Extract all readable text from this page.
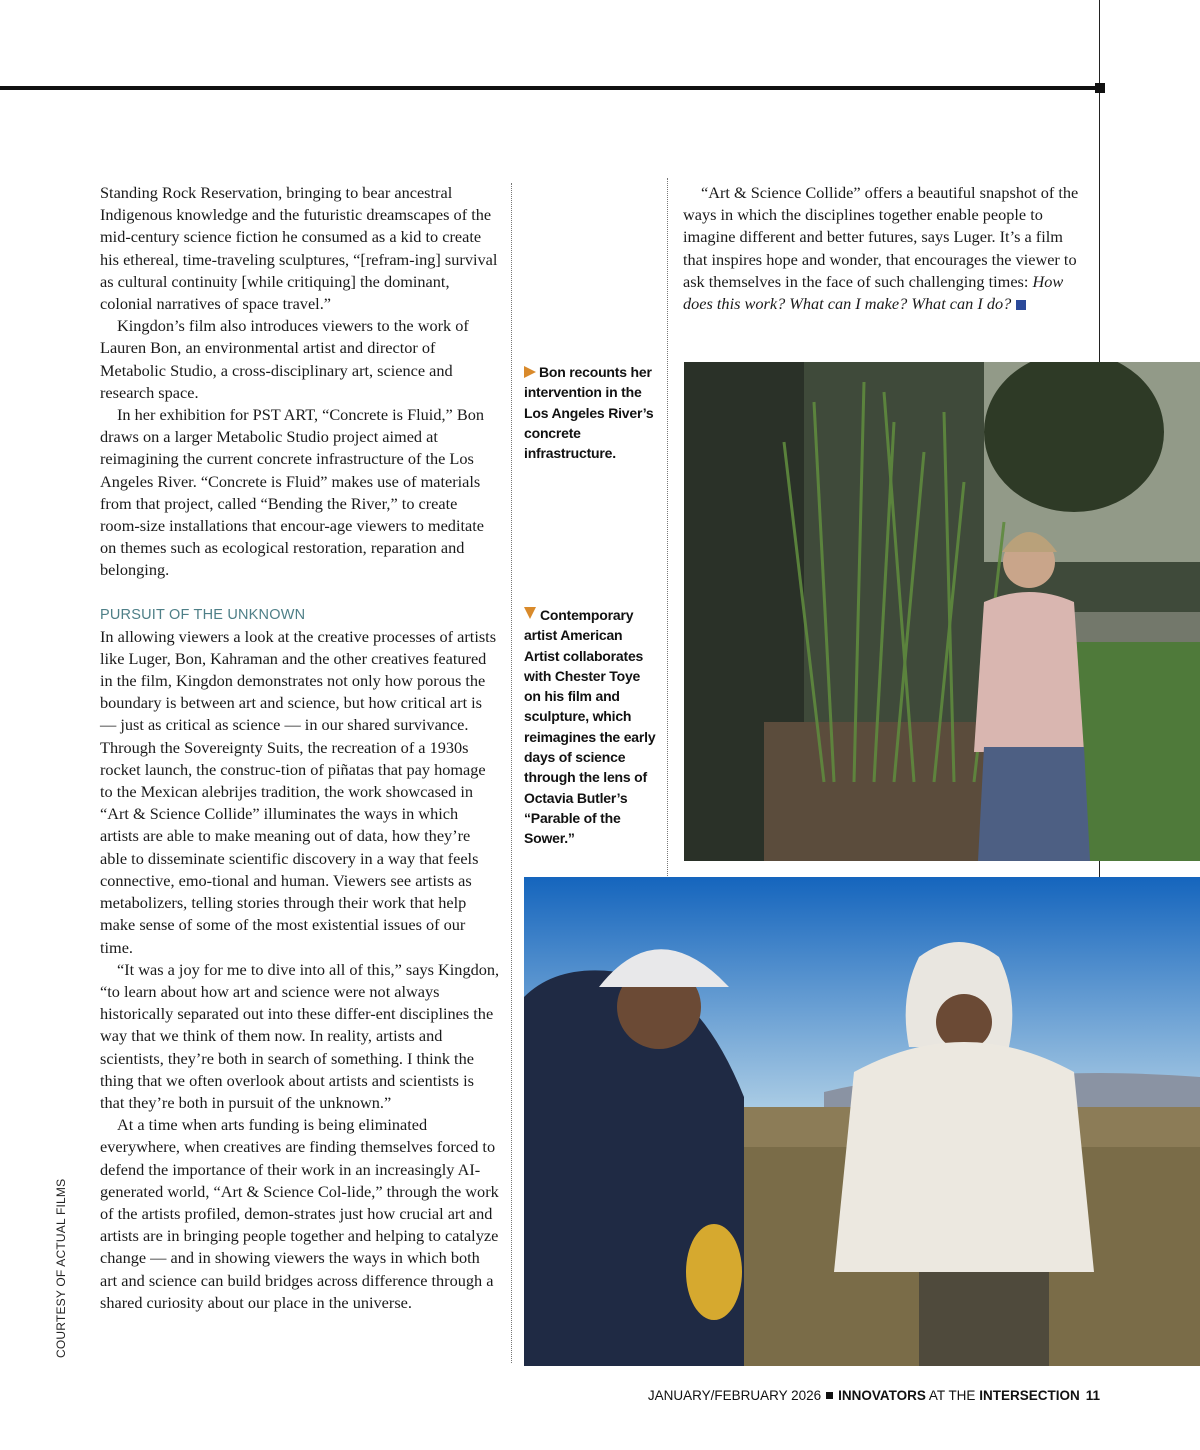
Standing Rock Reservation, bringing to bear ancestral Indigenous knowledge and the futuristic dreamscapes of the mid-century science fiction he consumed as a kid to create his ethereal, time-traveling sculptures, “[refram-ing] survival as cultural continuity [while critiquing] the dominant, colonial narratives of space travel.”

Kingdon’s film also introduces viewers to the work of Lauren Bon, an environmental artist and director of Metabolic Studio, a cross-disciplinary art, science and research space.

In her exhibition for PST ART, “Concrete is Fluid,” Bon draws on a larger Metabolic Studio project aimed at reimagining the current concrete infrastructure of the Los Angeles River. “Concrete is Fluid” makes use of materials from that project, called “Bending the River,” to create room-size installations that encour-age viewers to meditate on themes such as ecological restoration, reparation and belonging.

PURSUIT OF THE UNKNOWN

In allowing viewers a look at the creative processes of artists like Luger, Bon, Kahraman and the other creatives featured in the film, Kingdon demonstrates not only how porous the boundary is between art and science, but how critical art is — just as critical as science — in our shared survivance. Through the Sovereignty Suits, the recreation of a 1930s rocket launch, the construc-tion of piñatas that pay homage to the Mexican alebrijes tradition, the work showcased in “Art & Science Collide” illuminates the ways in which artists are able to make meaning out of data, how they’re able to disseminate scientific discovery in a way that feels connective, emo-tional and human. Viewers see artists as metabolizers, telling stories through their work that help make sense of some of the most existential issues of our time.

“It was a joy for me to dive into all of this,” says Kingdon, “to learn about how art and science were not always historically separated out into these differ-ent disciplines the way that we think of them now. In reality, artists and scientists, they’re both in search of something. I think the thing that we often overlook about artists and scientists is that they’re both in pursuit of the unknown.”

At a time when arts funding is being eliminated everywhere, when creatives are finding themselves forced to defend the importance of their work in an increasingly AI-generated world, “Art & Science Col-lide,” through the work of the artists profiled, demon-strates just how crucial art and artists are in bringing people together and helping to catalyze change — and in showing viewers the ways in which both art and science can build bridges across difference through a shared curiosity about our place in the universe.

Bon recounts her intervention in the Los Angeles River’s concrete infrastructure.
Contemporary artist American Artist collaborates with Chester Toye on his film and sculpture, which reimagines the early days of science through the lens of Octavia Butler’s “Parable of the Sower.”

“Art & Science Collide” offers a beautiful snapshot of the ways in which the disciplines together enable people to imagine different and better futures, says Luger. It’s a film that inspires hope and wonder, that encourages the viewer to ask themselves in the face of such challenging times: How does this work? What can I make? What can I do?

COURTESY OF ACTUAL FILMS
JANUARY/FEBRUARY 2026 INNOVATORS AT THE INTERSECTION 11
